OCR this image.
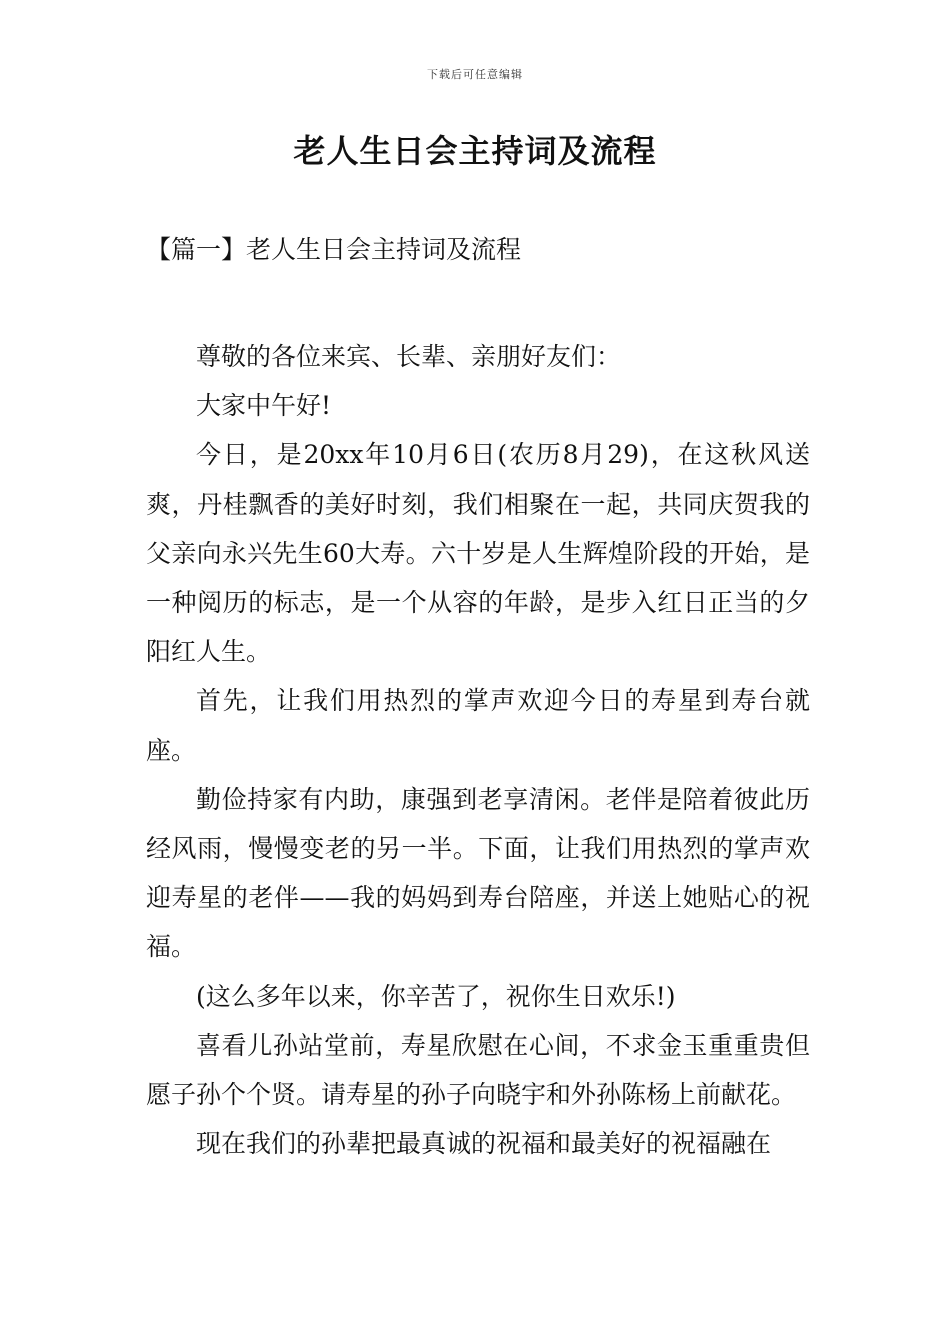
下载后可任意编辑
老人生日会主持词及流程
【篇一】老人生日会主持词及流程

尊敬的各位来宾、长辈、亲朋好友们：

大家中午好!

今日，是20xx年10月6日(农历8月29)，在这秋风送爽，丹桂飘香的美好时刻，我们相聚在一起，共同庆贺我的父亲向永兴先生60大寿。六十岁是人生辉煌阶段的开始，是一种阅历的标志，是一个从容的年龄，是步入红日正当的夕阳红人生。

首先，让我们用热烈的掌声欢迎今日的寿星到寿台就座。

勤俭持家有内助，康强到老享清闲。老伴是陪着彼此历经风雨，慢慢变老的另一半。下面，让我们用热烈的掌声欢迎寿星的老伴——我的妈妈到寿台陪座，并送上她贴心的祝福。

(这么多年以来，你辛苦了，祝你生日欢乐!)

喜看儿孙站堂前，寿星欣慰在心间，不求金玉重重贵但愿子孙个个贤。请寿星的孙子向晓宇和外孙陈杨上前献花。

现在我们的孙辈把最真诚的祝福和最美好的祝福融在
